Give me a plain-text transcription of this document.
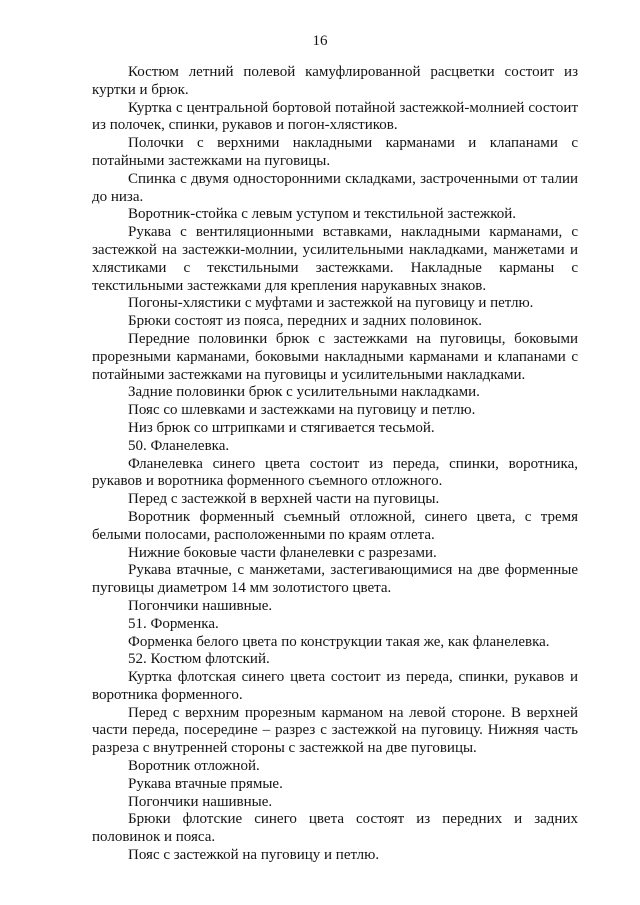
16

Костюм летний полевой камуфлированной расцветки состоит из куртки и брюк.

Куртка с центральной бортовой потайной застежкой-молнией состоит из полочек, спинки, рукавов и погон-хлястиков.

Полочки с верхними накладными карманами и клапанами с потайными застежками на пуговицы.

Спинка с двумя односторонними складками, застроченными от талии до низа.

Воротник-стойка с левым уступом и текстильной застежкой.

Рукава с вентиляционными вставками, накладными карманами, с застежкой на застежки-молнии, усилительными накладками, манжетами и хлястиками с текстильными застежками. Накладные карманы с текстильными застежками для крепления нарукавных знаков.

Погоны-хлястики с муфтами и застежкой на пуговицу и петлю.

Брюки состоят из пояса, передних и задних половинок.

Передние половинки брюк с застежками на пуговицы, боковыми прорезными карманами, боковыми накладными карманами и клапанами с потайными застежками на пуговицы и усилительными накладками.

Задние половинки брюк с усилительными накладками.

Пояс со шлевками и застежками на пуговицу и петлю.

Низ брюк со штрипками и стягивается тесьмой.

50. Фланелевка.

Фланелевка синего цвета состоит из переда, спинки, воротника, рукавов и воротника форменного съемного отложного.

Перед с застежкой в верхней части на пуговицы.

Воротник форменный съемный отложной, синего цвета, с тремя белыми полосами, расположенными по краям отлета.

Нижние боковые части фланелевки с разрезами.

Рукава втачные, с манжетами, застегивающимися на две форменные пуговицы диаметром 14 мм золотистого цвета.

Погончики нашивные.

51. Форменка.

Форменка белого цвета по конструкции такая же, как фланелевка.

52. Костюм флотский.

Куртка флотская синего цвета состоит из переда, спинки, рукавов и воротника форменного.

Перед с верхним прорезным карманом на левой стороне. В верхней части переда, посередине – разрез с застежкой на пуговицу. Нижняя часть разреза с внутренней стороны с застежкой на две пуговицы.

Воротник отложной.

Рукава втачные прямые.

Погончики нашивные.

Брюки флотские синего цвета состоят из передних и задних половинок и пояса.

Пояс с застежкой на пуговицу и петлю.
